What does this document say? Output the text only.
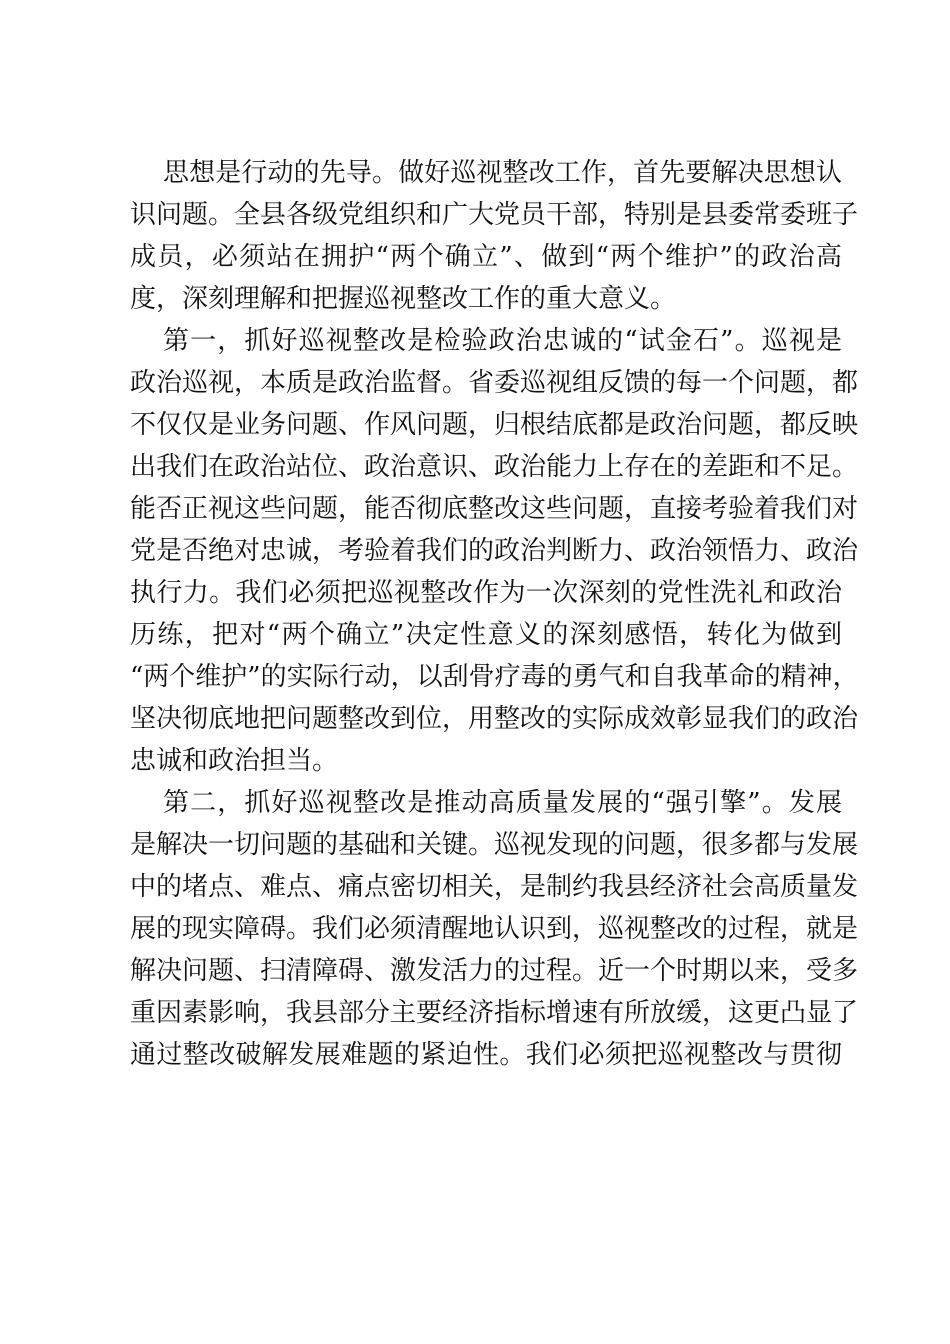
思想是行动的先导。做好巡视整改工作，首先要解决思想认
识问题。全县各级党组织和广大党员干部，特别是县委常委班子
成员，必须站在拥护“两个确立”、做到“两个维护”的政治高
度，深刻理解和把握巡视整改工作的重大意义。
第一，抓好巡视整改是检验政治忠诚的“试金石”。巡视是
政治巡视，本质是政治监督。省委巡视组反馈的每一个问题，都
不仅仅是业务问题、作风问题，归根结底都是政治问题，都反映
出我们在政治站位、政治意识、政治能力上存在的差距和不足。
能否正视这些问题，能否彻底整改这些问题，直接考验着我们对
党是否绝对忠诚，考验着我们的政治判断力、政治领悟力、政治
执行力。我们必须把巡视整改作为一次深刻的党性洗礼和政治
历练，把对“两个确立”决定性意义的深刻感悟，转化为做到
“两个维护”的实际行动，以刮骨疗毒的勇气和自我革命的精神，
坚决彻底地把问题整改到位，用整改的实际成效彰显我们的政治
忠诚和政治担当。
第二，抓好巡视整改是推动高质量发展的“强引擎”。发展
是解决一切问题的基础和关键。巡视发现的问题，很多都与发展
中的堵点、难点、痛点密切相关，是制约我县经济社会高质量发
展的现实障碍。我们必须清醒地认识到，巡视整改的过程，就是
解决问题、扫清障碍、激发活力的过程。近一个时期以来，受多
重因素影响，我县部分主要经济指标增速有所放缓，这更凸显了
通过整改破解发展难题的紧迫性。我们必须把巡视整改与贯彻
